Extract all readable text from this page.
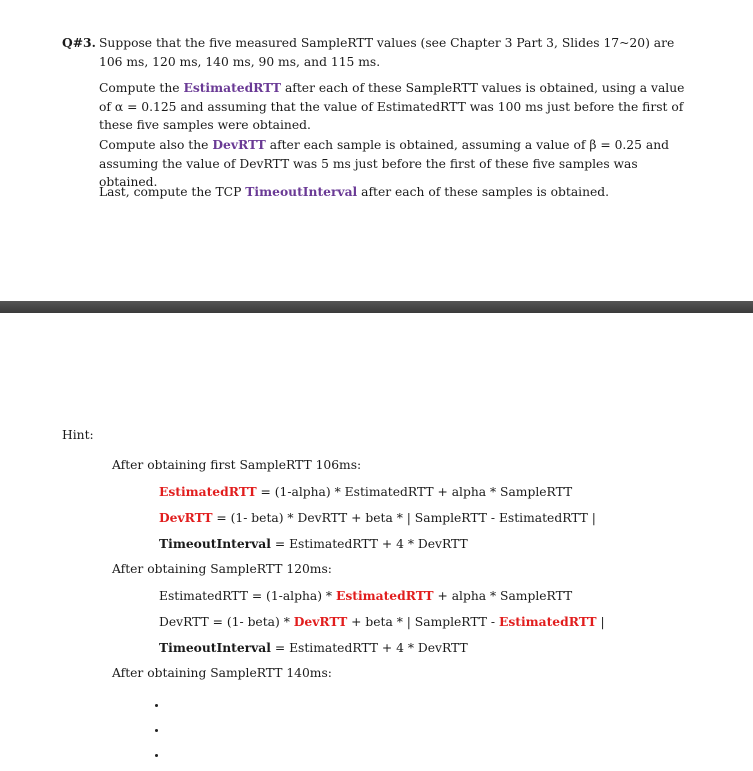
Q#3. Suppose that the five measured SampleRTT values (see Chapter 3 Part 3, Slides 17~20) are 106 ms, 120 ms, 140 ms, 90 ms, and 115 ms.
Compute the EstimatedRTT after each of these SampleRTT values is obtained, using a value of α = 0.125 and assuming that the value of EstimatedRTT was 100 ms just before the first of these five samples were obtained.
Compute also the DevRTT after each sample is obtained, assuming a value of β = 0.25 and assuming the value of DevRTT was 5 ms just before the first of these five samples was obtained.
Last, compute the TCP TimeoutInterval after each of these samples is obtained.
Hint:
After obtaining first SampleRTT 106ms:
EstimatedRTT = (1-alpha) * EstimatedRTT + alpha * SampleRTT
DevRTT = (1- beta) * DevRTT + beta * | SampleRTT - EstimatedRTT |
TimeoutInterval = EstimatedRTT + 4 * DevRTT
After obtaining SampleRTT 120ms:
EstimatedRTT = (1-alpha) * EstimatedRTT + alpha * SampleRTT
DevRTT = (1- beta) * DevRTT + beta * | SampleRTT - EstimatedRTT |
TimeoutInterval = EstimatedRTT + 4 * DevRTT
After obtaining SampleRTT 140ms:
